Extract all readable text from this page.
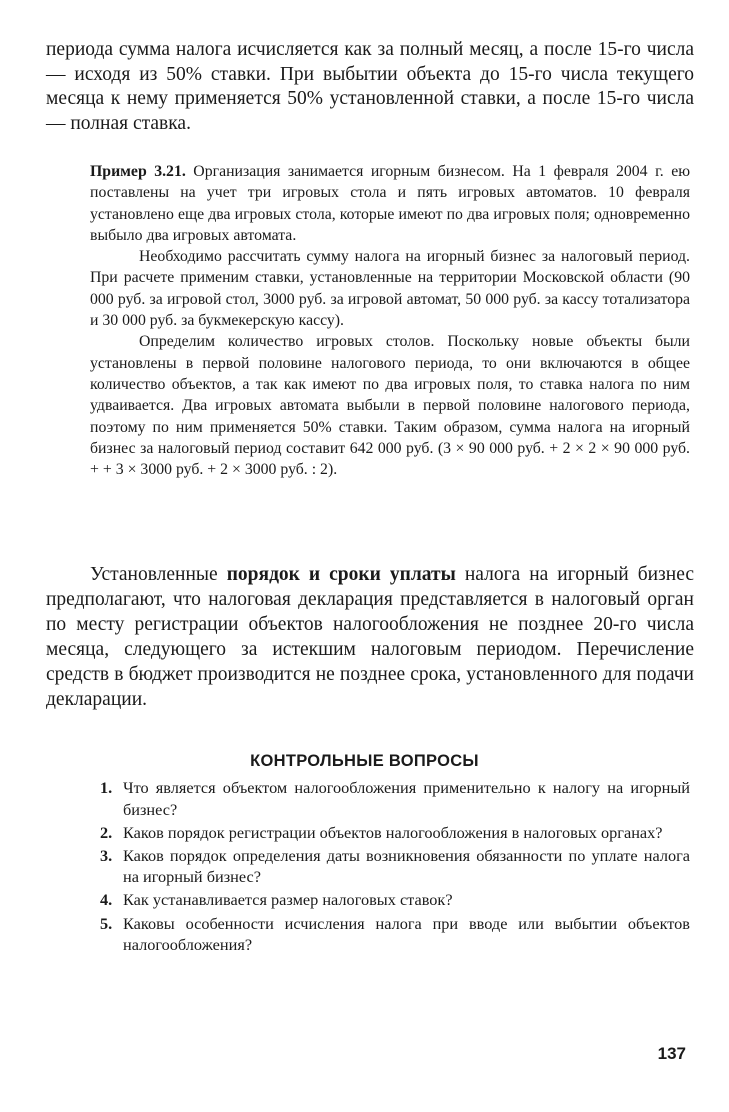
периода сумма налога исчисляется как за полный месяц, а после 15-го числа — исходя из 50% ставки. При выбытии объекта до 15-го числа текущего месяца к нему применяется 50% установленной ставки, а после 15-го числа — полная ставка.

Пример 3.21. Организация занимается игорным бизнесом. На 1 февраля 2004 г. ею поставлены на учет три игровых стола и пять игровых автоматов. 10 февраля установлено еще два игровых стола, которые имеют по два игровых поля; одновременно выбыло два игровых автомата.

Необходимо рассчитать сумму налога на игорный бизнес за налоговый период. При расчете применим ставки, установленные на территории Московской области (90 000 руб. за игровой стол, 3000 руб. за игровой автомат, 50 000 руб. за кассу тотализатора и 30 000 руб. за букмекерскую кассу).

Определим количество игровых столов. Поскольку новые объекты были установлены в первой половине налогового периода, то они включаются в общее количество объектов, а так как имеют по два игровых поля, то ставка налога по ним удваивается. Два игровых автомата выбыли в первой половине налогового периода, поэтому по ним применяется 50% ставки. Таким образом, сумма налога на игорный бизнес за налоговый период составит 642 000 руб. (3 × 90 000 руб. + 2 × 2 × 90 000 руб. + + 3 × 3000 руб. + 2 × 3000 руб. : 2).

Установленные порядок и сроки уплаты налога на игорный бизнес предполагают, что налоговая декларация представляется в налоговый орган по месту регистрации объектов налогообложения не позднее 20-го числа месяца, следующего за истекшим налоговым периодом. Перечисление средств в бюджет производится не позднее срока, установленного для подачи декларации.

КОНТРОЛЬНЫЕ ВОПРОСЫ
1. Что является объектом налогообложения применительно к налогу на игорный бизнес?
2. Каков порядок регистрации объектов налогообложения в налоговых органах?
3. Каков порядок определения даты возникновения обязанности по уплате налога на игорный бизнес?
4. Как устанавливается размер налоговых ставок?
5. Каковы особенности исчисления налога при вводе или выбытии объектов налогообложения?
137
